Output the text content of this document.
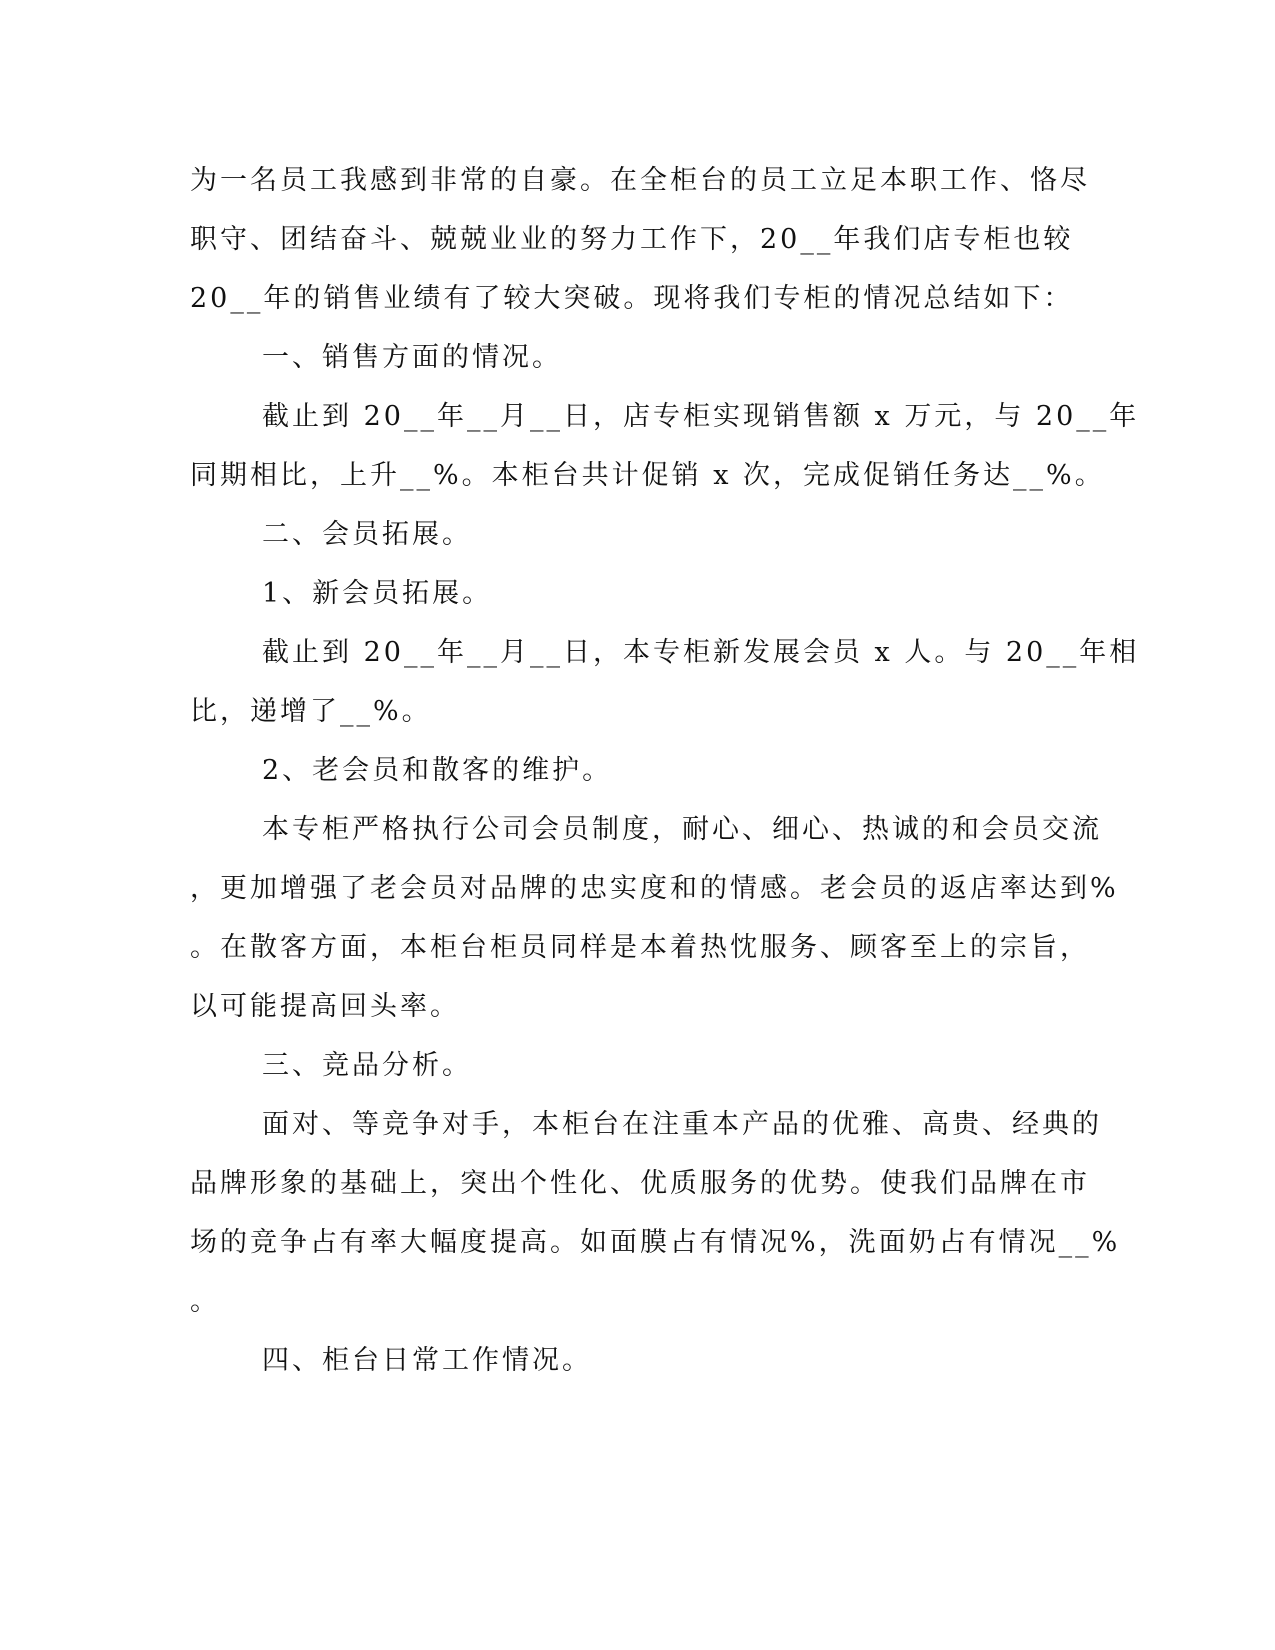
为一名员工我感到非常的自豪。在全柜台的员工立足本职工作、恪尽
职守、团结奋斗、兢兢业业的努力工作下，20__年我们店专柜也较
20__年的销售业绩有了较大突破。现将我们专柜的情况总结如下：
一、销售方面的情况。
截止到 20__年__月__日，店专柜实现销售额 x 万元，与 20__年
同期相比，上升__%。本柜台共计促销 x 次，完成促销任务达__%。
二、会员拓展。
1、新会员拓展。
截止到 20__年__月__日，本专柜新发展会员 x 人。与 20__年相
比，递增了__%。
2、老会员和散客的维护。
本专柜严格执行公司会员制度，耐心、细心、热诚的和会员交流
，更加增强了老会员对品牌的忠实度和的情感。老会员的返店率达到%
。在散客方面，本柜台柜员同样是本着热忱服务、顾客至上的宗旨，
以可能提高回头率。
三、竞品分析。
面对、等竞争对手，本柜台在注重本产品的优雅、高贵、经典的
品牌形象的基础上，突出个性化、优质服务的优势。使我们品牌在市
场的竞争占有率大幅度提高。如面膜占有情况%，洗面奶占有情况__%
。
四、柜台日常工作情况。
